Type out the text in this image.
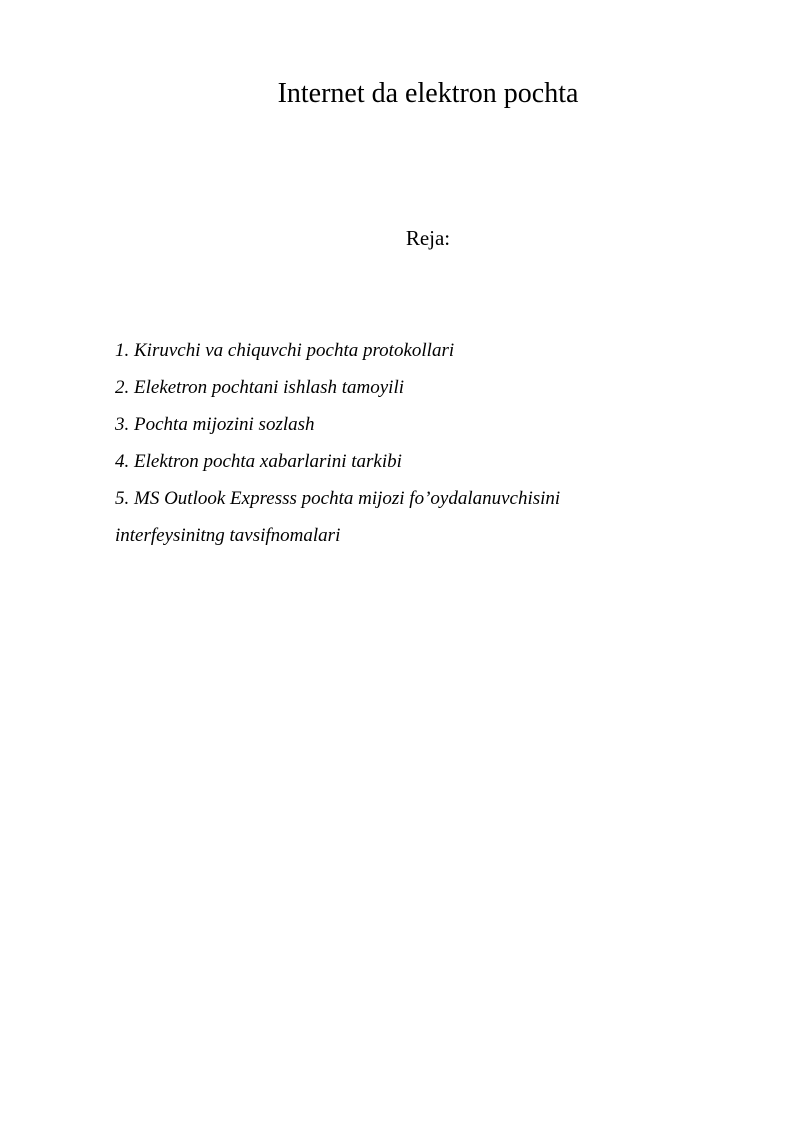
Internet da elektron pochta
Reja:
1. Kiruvchi va chiquvchi pochta protokollari
2. Eleketron pochtani ishlash tamoyili
3. Pochta mijozini sozlash
4. Elektron pochta xabarlarini tarkibi
5. MS Outlook Expresss pochta mijozi fo’oydalanuvchisini
interfeysinitng tavsifnomalari
